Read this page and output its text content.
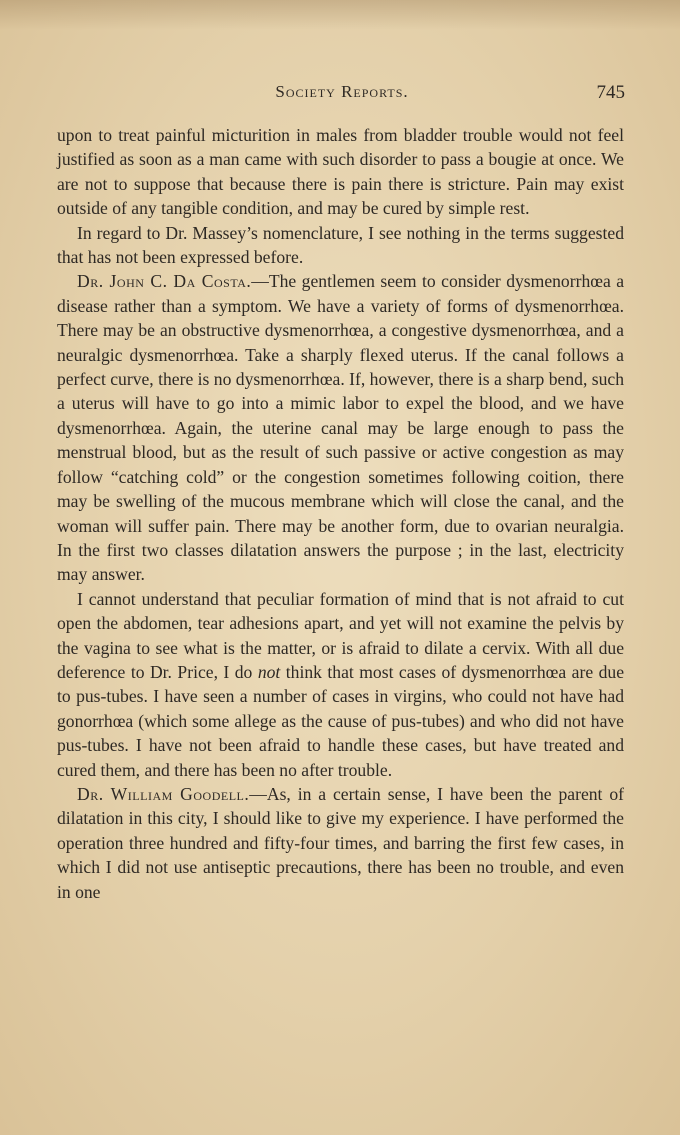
Society Reports.	745

upon to treat painful micturition in males from bladder trouble would not feel justified as soon as a man came with such disorder to pass a bougie at once. We are not to suppose that because there is pain there is stricture. Pain may exist outside of any tangible condition, and may be cured by simple rest.

In regard to Dr. Massey’s nomenclature, I see nothing in the terms suggested that has not been expressed before.

Dr. John C. Da Costa.—The gentlemen seem to consider dysmenorrhœa a disease rather than a symptom. We have a variety of forms of dysmenorrhœa. There may be an obstructive dysmenorrhœa, a congestive dysmenorrhœa, and a neuralgic dysmenorrhœa. Take a sharply flexed uterus. If the canal follows a perfect curve, there is no dysmenorrhœa. If, however, there is a sharp bend, such a uterus will have to go into a mimic labor to expel the blood, and we have dysmenorrhœa. Again, the uterine canal may be large enough to pass the menstrual blood, but as the result of such passive or active congestion as may follow “catching cold” or the congestion sometimes following coition, there may be swelling of the mucous membrane which will close the canal, and the woman will suffer pain. There may be another form, due to ovarian neuralgia. In the first two classes dilatation answers the purpose ; in the last, electricity may answer.

I cannot understand that peculiar formation of mind that is not afraid to cut open the abdomen, tear adhesions apart, and yet will not examine the pelvis by the vagina to see what is the matter, or is afraid to dilate a cervix. With all due deference to Dr. Price, I do not think that most cases of dysmenorrhœa are due to pus-tubes. I have seen a number of cases in virgins, who could not have had gonorrhœa (which some allege as the cause of pus-tubes) and who did not have pus-tubes. I have not been afraid to handle these cases, but have treated and cured them, and there has been no after trouble.

Dr. William Goodell.—As, in a certain sense, I have been the parent of dilatation in this city, I should like to give my experience. I have performed the operation three hundred and fifty-four times, and barring the first few cases, in which I did not use antiseptic precautions, there has been no trouble, and even in one
